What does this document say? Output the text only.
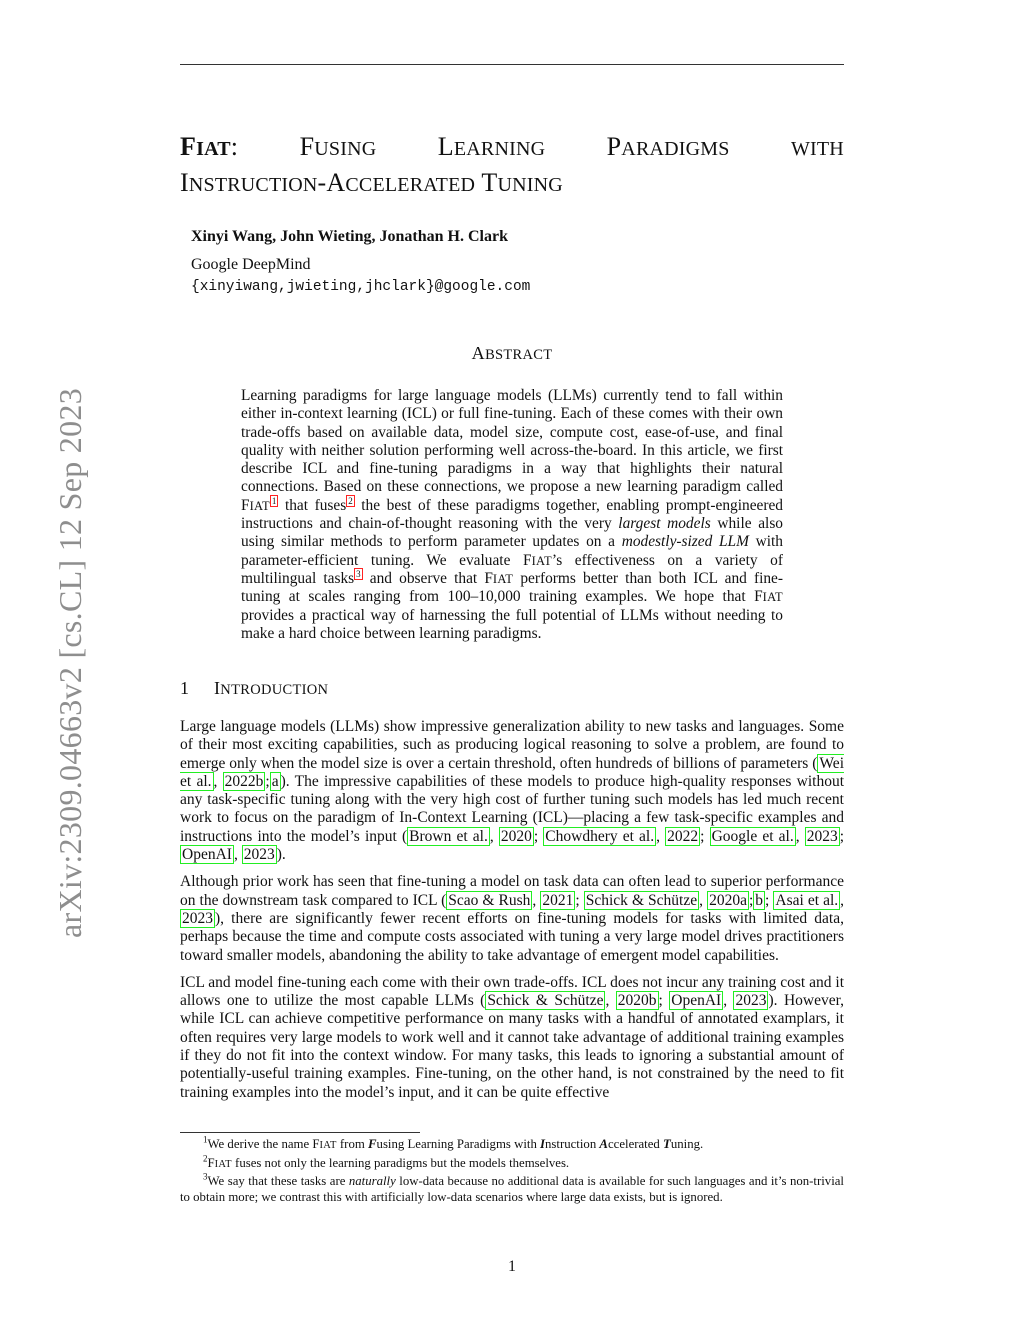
arXiv:2309.04663v2 [cs.CL] 12 Sep 2023
FIAT: FUSING LEARNING PARADIGMS	WITH
INSTRUCTION-ACCELERATED TUNING
Xinyi Wang, John Wieting, Jonathan H. Clark
Google DeepMind
{xinyiwang,jwieting,jhclark}@google.com
ABSTRACT
Learning paradigms for large language models (LLMs) currently tend to fall within either in-context learning (ICL) or full fine-tuning. Each of these comes with their own trade-offs based on available data, model size, compute cost, ease-of-use, and final quality with neither solution performing well across-the-board. In this article, we first describe ICL and fine-tuning paradigms in a way that highlights their natural connections. Based on these connections, we propose a new learning paradigm called FIAT $^1$ that fuses $^2$ the best of these paradigms together, enabling prompt-engineered instructions and chain-of-thought reasoning with the very largest models while also using similar methods to perform parameter updates on a modestly-sized LLM with parameter-efficient tuning. We evaluate FIAT’s effectiveness on a variety of multilingual tasks $^3$ and observe that FIAT performs better than both ICL and fine-tuning at scales ranging from 100–10,000 training examples. We hope that FIAT provides a practical way of harnessing the full potential of LLMs without needing to make a hard choice between learning paradigms.
1 INTRODUCTION

Large language models (LLMs) show impressive generalization ability to new tasks and languages. Some of their most exciting capabilities, such as producing logical reasoning to solve a problem, are found to emerge only when the model size is over a certain threshold, often hundreds of billions of parameters ( Wei et al. , 2022b ; a ). The impressive capabilities of these models to produce high-quality responses without any task-specific tuning along with the very high cost of further tuning such models has led much recent work to focus on the paradigm of In-Context Learning (ICL)—placing a few task-specific examples and instructions into the model’s input ( Brown et al. , 2020 ; Chowdhery et al. , 2022 ; Google et al. , 2023 ; OpenAI , 2023 ).

Although prior work has seen that fine-tuning a model on task data can often lead to superior performance on the downstream task compared to ICL ( Scao & Rush , 2021 ; Schick & Schütze , 2020a ; b ; Asai et al. , 2023 ), there are significantly fewer recent efforts on fine-tuning models for tasks with limited data, perhaps because the time and compute costs associated with tuning a very large model drives practitioners toward smaller models, abandoning the ability to take advantage of emergent model capabilities.

ICL and model fine-tuning each come with their own trade-offs. ICL does not incur any training cost and it allows one to utilize the most capable LLMs ( Schick & Schütze , 2020b ; OpenAI , 2023 ). However, while ICL can achieve competitive performance on many tasks with a handful of annotated examplars, it often requires very large models to work well and it cannot take advantage of additional training examples if they do not fit into the context window. For many tasks, this leads to ignoring a substantial amount of potentially-useful training examples. Fine-tuning, on the other hand, is not constrained by the need to fit training examples into the model’s input, and it can be quite effective

$^1$We derive the name FIAT from Fusing Learning Paradigms with Instruction Accelerated Tuning.

$^2$FIAT fuses not only the learning paradigms but the models themselves.

$^3$We say that these tasks are naturally low-data because no additional data is available for such languages and it’s non-trivial to obtain more; we contrast this with artificially low-data scenarios where large data exists, but is ignored.

1
